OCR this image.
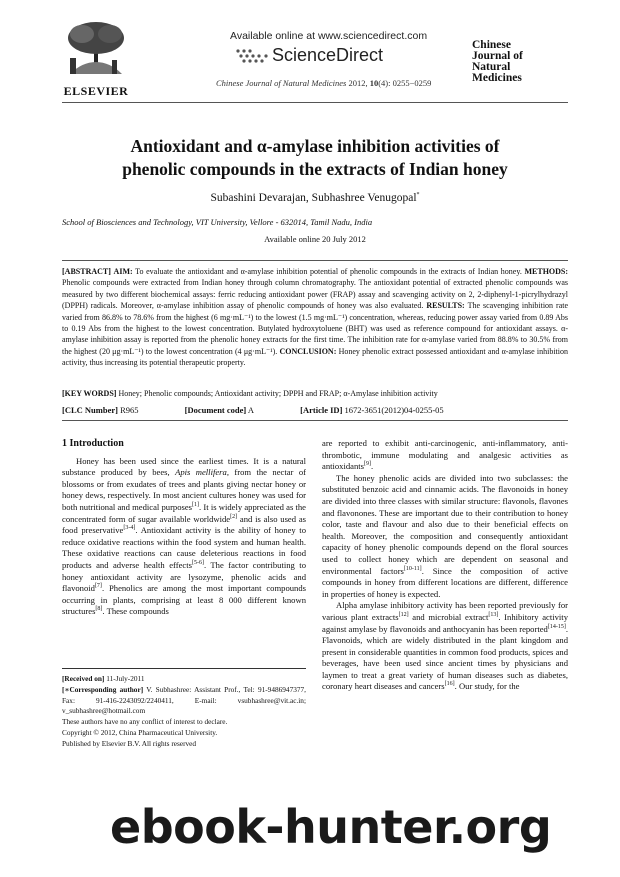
ELSEVIER
Available online at www.sciencedirect.com
ScienceDirect
Chinese Journal of Natural Medicines 2012, 10(4): 0255−0259
Chinese
Journal of
Natural
Medicines
Antioxidant and α-amylase inhibition activities of
phenolic compounds in the extracts of Indian honey
Subashini Devarajan, Subhashree Venugopal*
School of Biosciences and Technology, VIT University, Vellore - 632014, Tamil Nadu, India
Available online 20 July 2012
[ABSTRACT] AIM: To evaluate the antioxidant and α-amylase inhibition potential of phenolic compounds in the extracts of Indian honey. METHODS: Phenolic compounds were extracted from Indian honey through column chromatography. The antioxidant potential of extracted phenolic compounds was measured by two different biochemical assays: ferric reducing antioxidant power (FRAP) assay and scavenging activity on 2, 2-diphenyl-1-picrylhydrazyl (DPPH) radicals. Moreover, α-amylase inhibition assay of phenolic compounds of honey was also evaluated. RESULTS: The scavenging inhibition rate varied from 86.8% to 78.6% from the highest (6 mg·mL⁻¹) to the lowest (1.5 mg·mL⁻¹) concentration, whereas, reducing power assay varied from 0.89 Abs to 0.19 Abs from the highest to the lowest concentration. Butylated hydroxytoluene (BHT) was used as reference compound for antioxidant assays. α-amylase inhibition assay is reported from the phenolic honey extracts for the first time. The inhibition rate for α-amylase varied from 88.8% to 30.5% from the highest (20 μg·mL⁻¹) to the lowest concentration (4 μg·mL⁻¹). CONCLUSION: Honey phenolic extract possessed antioxidant and α-amylase inhibition activity, thus increasing its potential therapeutic property.
[KEY WORDS] Honey; Phenolic compounds; Antioxidant activity; DPPH and FRAP; α-Amylase inhibition activity
[CLC Number] R965	[Document code] A	[Article ID] 1672-3651(2012)04-0255-05
1 Introduction

Honey has been used since the earliest times. It is a natural substance produced by bees, Apis mellifera, from the nectar of blossoms or from exudates of trees and plants giving nectar honey or honey dews, respectively. In most ancient cultures honey was used for both nutritional and medical purposes[1]. It is widely appreciated as the concentrated form of sugar available worldwide[2] and is also used as food preservative[3-4]. Antioxidant activity is the ability of honey to reduce oxidative reactions within the food system and human health. These oxidative reactions can cause deleterious reactions in food products and adverse health effects[5-6]. The factor contributing to honey antioxidant activity are lysozyme, phenolic acids and flavonoid[7]. Phenolics are among the most important compounds occurring in plants, comprising at least 8 000 different known structures[8]. These compounds

[Received on] 11-July-2011
[∗Corresponding author] V. Subhashree: Assistant Prof., Tel: 91-9486947377, Fax: 91-416-2243092/2240411, E-mail: vsubhashree@vit.ac.in; v_subhashree@hotmail.com
These authors have no any conflict of interest to declare.
Copyright © 2012, China Pharmaceutical University.
Published by Elsevier B.V. All rights reserved

are reported to exhibit anti-carcinogenic, anti-inflammatory, anti-thrombotic, immune modulating and analgesic activities as antioxidants[9].

The honey phenolic acids are divided into two subclasses: the substituted benzoic acid and cinnamic acids. The flavonoids in honey are divided into three classes with similar structure: flavonols, flavones and flavonones. These are important due to their contribution to honey color, taste and flavour and also due to their beneficial effects on health. Moreover, the composition and consequently antioxidant capacity of honey phenolic compounds depend on the floral sources used to collect honey which are dependent on seasonal and environmental factors[10-11]. Since the composition of active compounds in honey from different locations are different, difference in properties of honey is expected.

Alpha amylase inhibitory activity has been reported previously for various plant extracts[12] and microbial extract[13]. Inhibitory activity against amylase by flavonoids and anthocyanin has been reported[14-15]. Flavonoids, which are widely distributed in the plant kingdom and present in considerable quantities in common food products, spices and beverages, have been used since ancient times by physicians and laymen to treat a great variety of human diseases such as diabetes, coronary heart diseases and cancers[16]. Our study, for the

ebook-hunter.org
